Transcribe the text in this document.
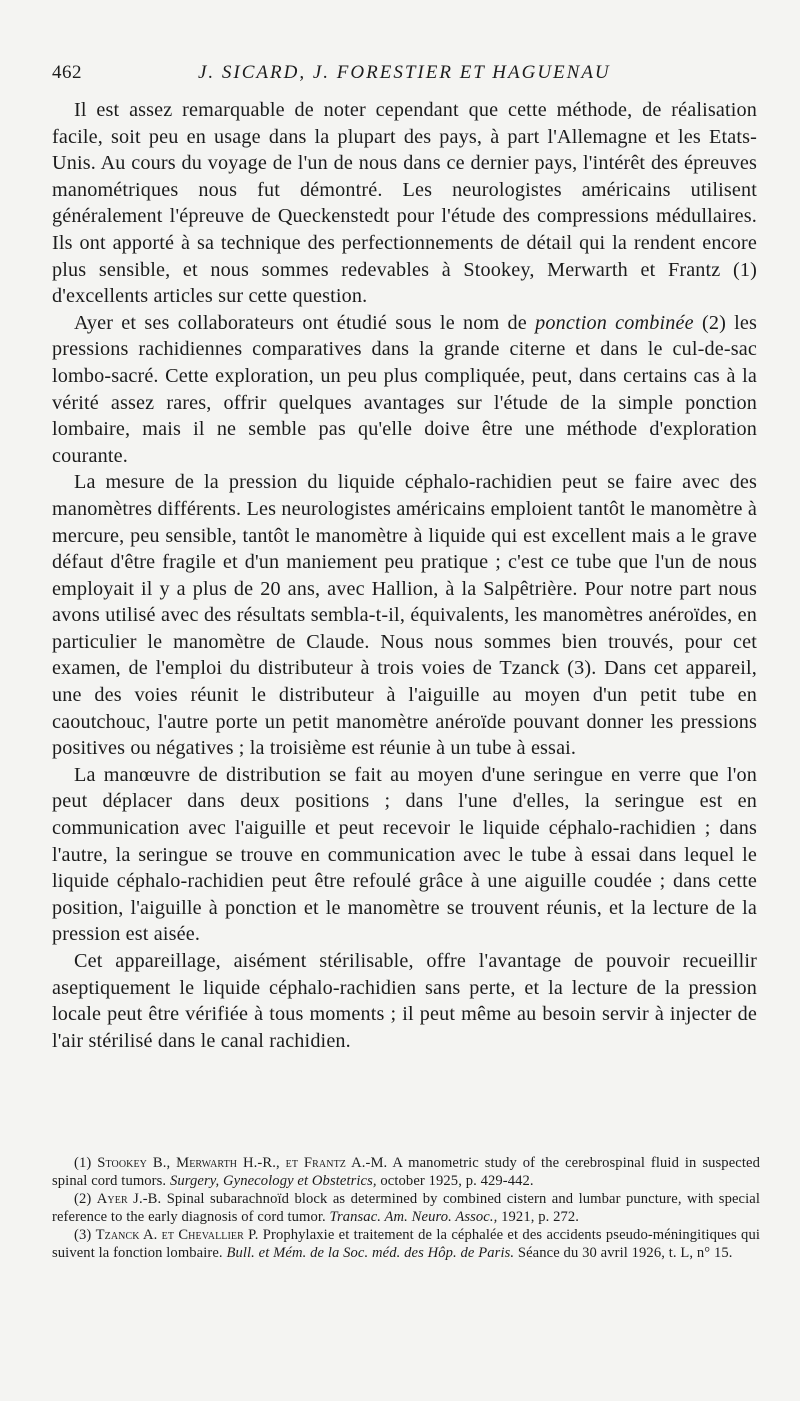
462	J. SICARD, J. FORESTIER ET HAGUENAU

Il est assez remarquable de noter cependant que cette méthode, de réalisation facile, soit peu en usage dans la plupart des pays, à part l'Allemagne et les Etats-Unis. Au cours du voyage de l'un de nous dans ce dernier pays, l'intérêt des épreuves manométriques nous fut démontré. Les neurologistes américains utilisent généralement l'épreuve de Queckenstedt pour l'étude des compressions médullaires. Ils ont apporté à sa technique des perfectionnements de détail qui la rendent encore plus sensible, et nous sommes redevables à Stookey, Merwarth et Frantz (1) d'excellents articles sur cette question.

Ayer et ses collaborateurs ont étudié sous le nom de ponction combinée (2) les pressions rachidiennes comparatives dans la grande citerne et dans le cul-de-sac lombo-sacré. Cette exploration, un peu plus compliquée, peut, dans certains cas à la vérité assez rares, offrir quelques avantages sur l'étude de la simple ponction lombaire, mais il ne semble pas qu'elle doive être une méthode d'exploration courante.

La mesure de la pression du liquide céphalo-rachidien peut se faire avec des manomètres différents. Les neurologistes américains emploient tantôt le manomètre à mercure, peu sensible, tantôt le manomètre à liquide qui est excellent mais a le grave défaut d'être fragile et d'un maniement peu pratique ; c'est ce tube que l'un de nous employait il y a plus de 20 ans, avec Hallion, à la Salpêtrière. Pour notre part nous avons utilisé avec des résultats sembla-t-il, équivalents, les manomètres anéroïdes, en particulier le manomètre de Claude. Nous nous sommes bien trouvés, pour cet examen, de l'emploi du distributeur à trois voies de Tzanck (3). Dans cet appareil, une des voies réunit le distributeur à l'aiguille au moyen d'un petit tube en caoutchouc, l'autre porte un petit manomètre anéroïde pouvant donner les pressions positives ou négatives ; la troisième est réunie à un tube à essai.

La manœuvre de distribution se fait au moyen d'une seringue en verre que l'on peut déplacer dans deux positions ; dans l'une d'elles, la seringue est en communication avec l'aiguille et peut recevoir le liquide céphalo-rachidien ; dans l'autre, la seringue se trouve en communication avec le tube à essai dans lequel le liquide céphalo-rachidien peut être refoulé grâce à une aiguille coudée ; dans cette position, l'aiguille à ponction et le manomètre se trouvent réunis, et la lecture de la pression est aisée.

Cet appareillage, aisément stérilisable, offre l'avantage de pouvoir recueillir aseptiquement le liquide céphalo-rachidien sans perte, et la lecture de la pression locale peut être vérifiée à tous moments ; il peut même au besoin servir à injecter de l'air stérilisé dans le canal rachidien.

(1) Stookey B., Merwarth H.-R., et Frantz A.-M. A manometric study of the cerebrospinal fluid in suspected spinal cord tumors. Surgery, Gynecology et Obstetrics, october 1925, p. 429-442.

(2) Ayer J.-B. Spinal subarachnoïd block as determined by combined cistern and lumbar puncture, with special reference to the early diagnosis of cord tumor. Transac. Am. Neuro. Assoc., 1921, p. 272.

(3) Tzanck A. et Chevallier P. Prophylaxie et traitement de la céphalée et des accidents pseudo-méningitiques qui suivent la fonction lombaire. Bull. et Mém. de la Soc. méd. des Hôp. de Paris. Séance du 30 avril 1926, t. L, n° 15.
